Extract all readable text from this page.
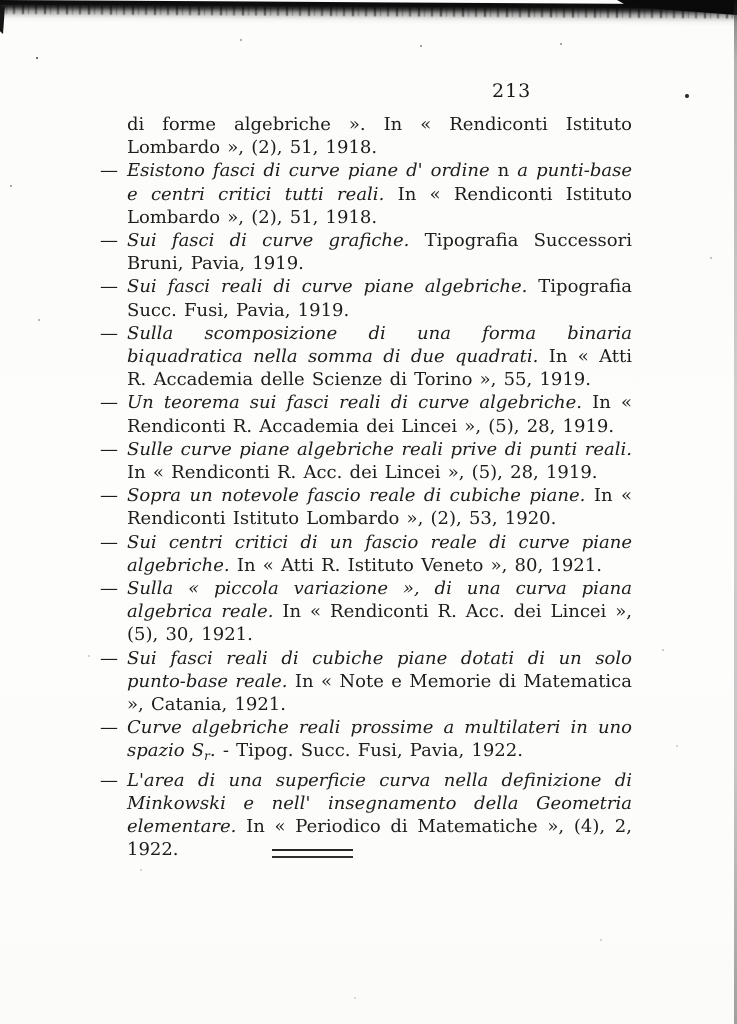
213
di forme algebriche ». In « Rendiconti Istituto Lombardo », (2), 51, 1918.
— Esistono fasci di curve piane d' ordine n a punti-base e centri critici tutti reali. In « Rendiconti Istituto Lombardo », (2), 51, 1918.
— Sui fasci di curve grafiche. Tipografia Successori Bruni, Pavia, 1919.
— Sui fasci reali di curve piane algebriche. Tipografia Succ. Fusi, Pavia, 1919.
— Sulla scomposizione di una forma binaria biquadratica nella somma di due quadrati. In « Atti R. Accademia delle Scienze di Torino », 55, 1919.
— Un teorema sui fasci reali di curve algebriche. In « Rendiconti R. Accademia dei Lincei », (5), 28, 1919.
— Sulle curve piane algebriche reali prive di punti reali. In « Rendiconti R. Acc. dei Lincei », (5), 28, 1919.
— Sopra un notevole fascio reale di cubiche piane. In « Rendiconti Istituto Lombardo », (2), 53, 1920.
— Sui centri critici di un fascio reale di curve piane algebriche. In « Atti R. Istituto Veneto », 80, 1921.
— Sulla « piccola variazione », di una curva piana algebrica reale. In « Rendiconti R. Acc. dei Lincei », (5), 30, 1921.
— Sui fasci reali di cubiche piane dotati di un solo punto-base reale. In « Note e Memorie di Matematica », Catania, 1921.
— Curve algebriche reali prossime a multilateri in uno spazio $S_r$. - Tipog. Succ. Fusi, Pavia, 1922.
— L'area di una superficie curva nella definizione di Minkowski e nell' insegnamento della Geometria elementare. In « Periodico di Matematiche », (4), 2, 1922.
